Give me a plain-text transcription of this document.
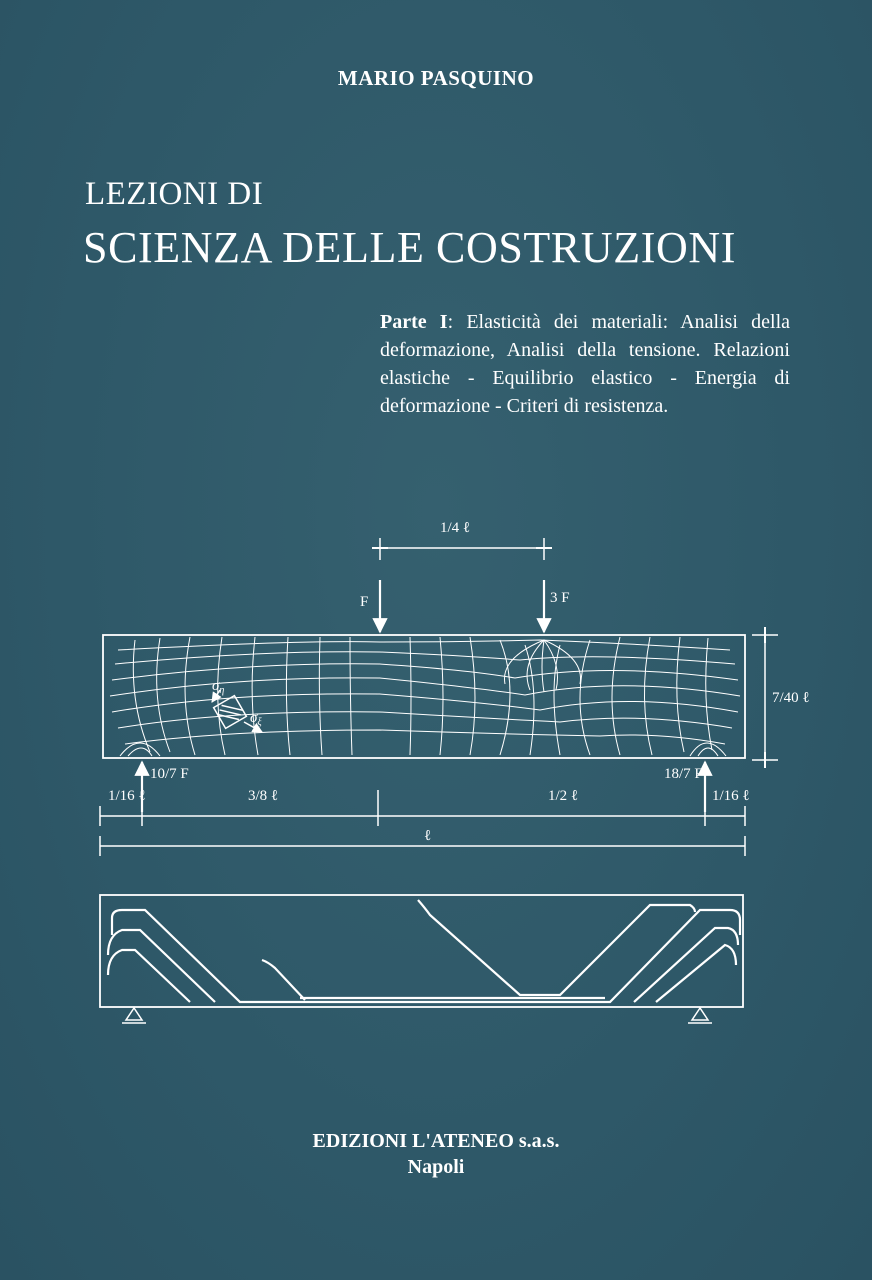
MARIO PASQUINO
LEZIONI DI
SCIENZA DELLE COSTRUZIONI
Parte I: Elasticità dei materiali: Analisi della deformazione, Analisi della tensione. Relazioni elastiche - Equilibrio elastico - Energia di deformazione - Criteri di resistenza.
1/4 ℓ
F	3 F
7/40 ℓ
10/7 F	18/7 F
1/16 ℓ	3/8 ℓ	1/2 ℓ	1/16 ℓ
ℓ
$\sigma_\eta$
$\sigma_\xi$
EDIZIONI L'ATENEO s.a.s.
Napoli
